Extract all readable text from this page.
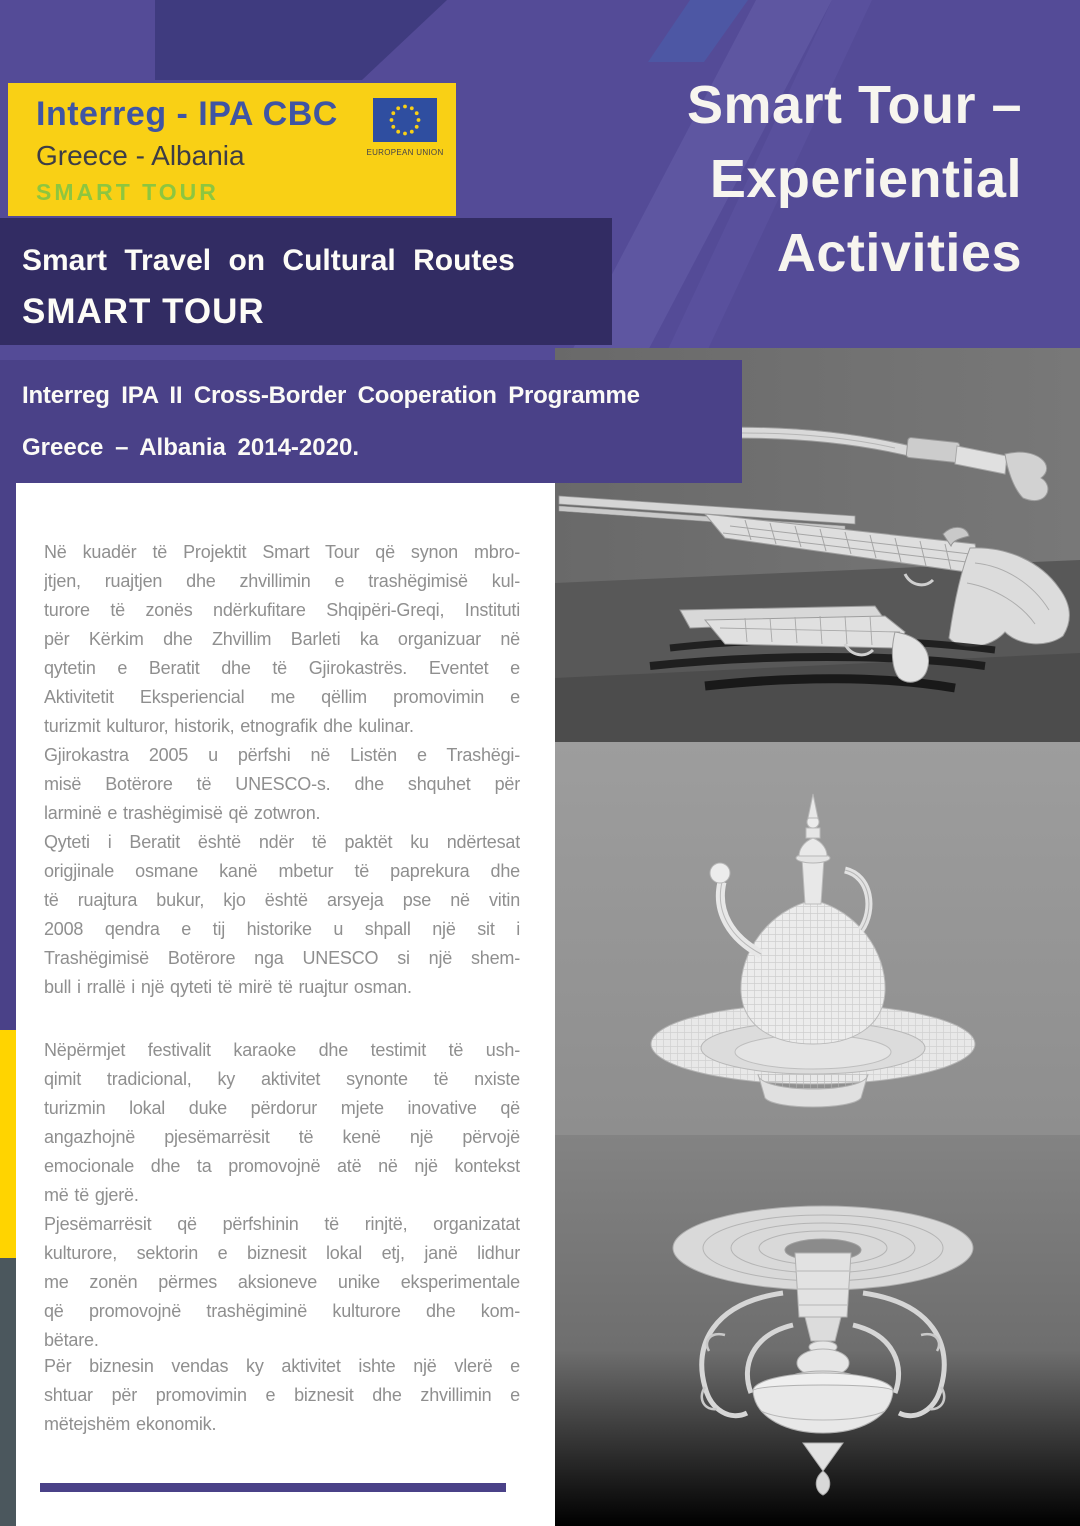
Smart Tour –
Experiential
Activities
Interreg - IPA CBC
Greece - Albania
SMART TOUR
EUROPEAN UNION
Smart Travel on Cultural Routes
SMART TOUR
Interreg IPA II Cross-Border Cooperation Programme
Greece – Albania 2014-2020.
Në kuadër të Projektit Smart Tour që synon mbro-
jtjen, ruajtjen dhe zhvillimin e trashëgimisë kul-
turore të zonës ndërkufitare Shqipëri-Greqi, Instituti
për Kërkim dhe Zhvillim Barleti ka organizuar në
qytetin e Beratit dhe të Gjirokastrës. Eventet e
Aktivitetit Eksperiencial me qëllim promovimin e
turizmit kulturor, historik, etnografik dhe kulinar.
Gjirokastra 2005 u përfshi në Listën e Trashëgi-
misë Botërore të UNESCO-s. dhe shquhet për
larminë e trashëgimisë që zotwron.
Qyteti i Beratit është ndër të paktët ku ndërtesat
origjinale osmane kanë mbetur të paprekura dhe
të ruajtura bukur, kjo është arsyeja pse në vitin
2008 qendra e tij historike u shpall një sit i
Trashëgimisë Botërore nga UNESCO si një shem-
bull i rrallë i një qyteti të mirë të ruajtur osman.
Nëpërmjet festivalit karaoke dhe testimit të ush-
qimit tradicional, ky aktivitet synonte të nxiste
turizmin lokal duke përdorur mjete inovative që
angazhojnë pjesëmarrësit të kenë një përvojë
emocionale dhe ta promovojnë atë në një kontekst
më të gjerë.
Pjesëmarrësit që përfshinin të rinjtë, organizatat
kulturore, sektorin e biznesit lokal etj, janë lidhur
me zonën përmes aksioneve unike eksperimentale
që promovojnë trashëgiminë kulturore dhe kom-
bëtare.
Për biznesin vendas ky aktivitet ishte një vlerë e
shtuar për promovimin e biznesit dhe zhvillimin e
mëtejshëm ekonomik.
